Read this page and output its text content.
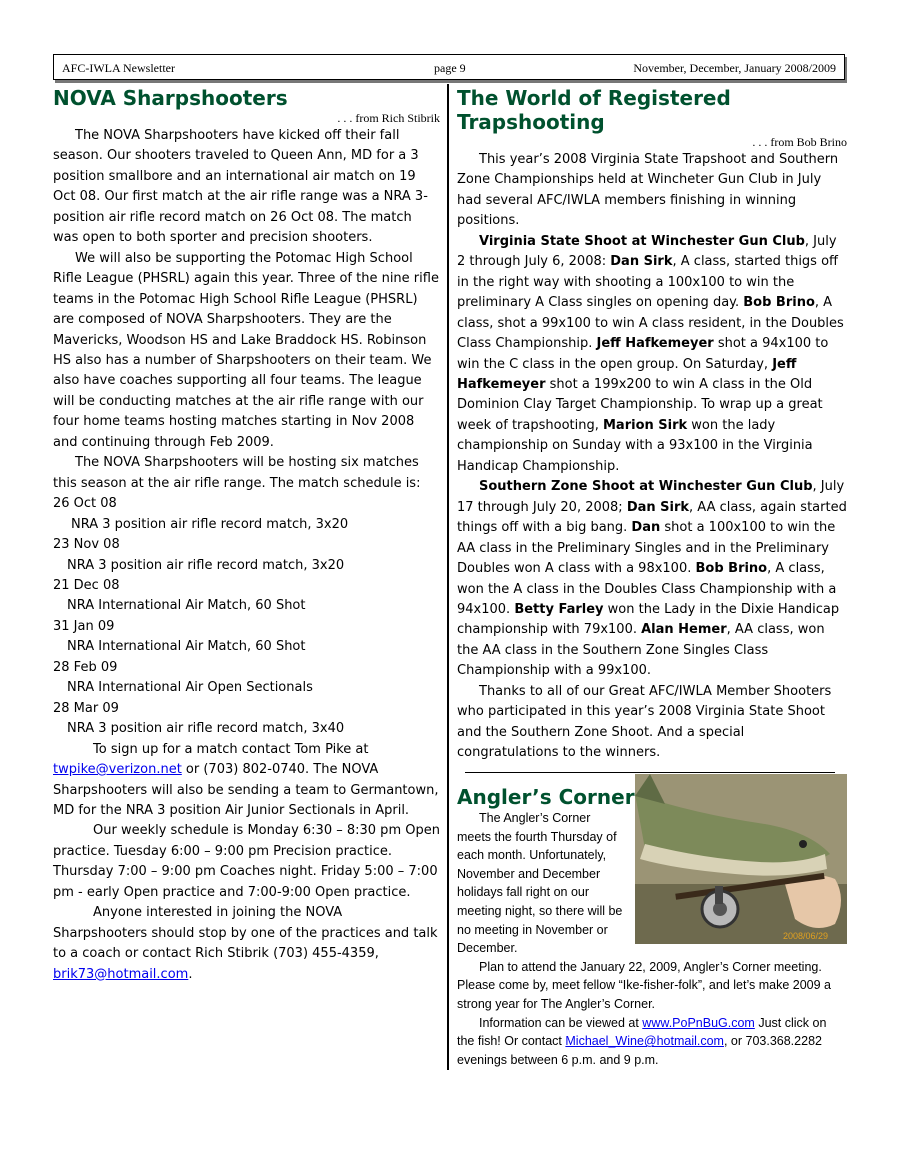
AFC-IWLA Newsletter	page 9	November, December, January 2008/2009
NOVA Sharpshooters

. . . from Rich Stibrik

The NOVA Sharpshooters have kicked off their fall season. Our shooters traveled to Queen Ann, MD for a 3 position smallbore and an international air match on 19 Oct 08. Our first match at the air rifle range was a NRA 3-position air rifle record match on 26 Oct 08. The match was open to both sporter and precision shooters.

We will also be supporting the Potomac High School Rifle League (PHSRL) again this year. Three of the nine rifle teams in the Potomac High School Rifle League (PHSRL) are composed of NOVA Sharpshooters. They are the Mavericks, Woodson HS and Lake Braddock HS. Robinson HS also has a number of Sharpshooters on their team. We also have coaches supporting all four teams. The league will be conducting matches at the air rifle range with our four home teams hosting matches starting in Nov 2008 and continuing through Feb 2009.

The NOVA Sharpshooters will be hosting six matches this season at the air rifle range. The match schedule is:

26 Oct 08

NRA 3 position air rifle record match, 3x20

23 Nov 08

NRA 3 position air rifle record match, 3x20

21 Dec 08

NRA International Air Match, 60 Shot

31 Jan 09

NRA International Air Match, 60 Shot

28 Feb 09

NRA International Air Open Sectionals

28 Mar 09

NRA 3 position air rifle record match, 3x40

To sign up for a match contact Tom Pike at twpike@verizon.net or (703) 802-0740. The NOVA Sharpshooters will also be sending a team to Germantown, MD for the NRA 3 position Air Junior Sectionals in April.

Our weekly schedule is Monday 6:30 – 8:30 pm Open practice. Tuesday 6:00 – 9:00 pm Precision practice. Thursday 7:00 – 9:00 pm Coaches night. Friday 5:00 – 7:00 pm - early Open practice and 7:00-9:00 Open practice.

Anyone interested in joining the NOVA Sharpshooters should stop by one of the practices and talk to a coach or contact Rich Stibrik (703) 455-4359, brik73@hotmail.com.

The World of Registered Trapshooting

. . . from Bob Brino

This year’s 2008 Virginia State Trapshoot and Southern Zone Championships held at Wincheter Gun Club in July had several AFC/IWLA members finishing in winning positions.

Virginia State Shoot at Winchester Gun Club, July 2 through July 6, 2008: Dan Sirk, A class, started thigs off in the right way with shooting a 100x100 to win the preliminary A Class singles on opening day. Bob Brino, A class, shot a 99x100 to win A class resident, in the Doubles Class Championship. Jeff Hafkemeyer shot a 94x100 to win the C class in the open group. On Saturday, Jeff Hafkemeyer shot a 199x200 to win A class in the Old Dominion Clay Target Championship. To wrap up a great week of trapshooting, Marion Sirk won the lady championship on Sunday with a 93x100 in the Virginia Handicap Championship.

Southern Zone Shoot at Winchester Gun Club, July 17 through July 20, 2008; Dan Sirk, AA class, again started things off with a big bang. Dan shot a 100x100 to win the AA class in the Preliminary Singles and in the Preliminary Doubles won A class with a 98x100. Bob Brino, A class, won the A class in the Doubles Class Championship with a 94x100. Betty Farley won the Lady in the Dixie Handicap championship with 79x100. Alan Hemer, AA class, won the AA class in the Southern Zone Singles Class Championship with a 99x100.

Thanks to all of our Great AFC/IWLA Member Shooters who participated in this year’s 2008 Virginia State Shoot and the Southern Zone Shoot. And a special congratulations to the winners.

Angler’s Corner
2008/06/29

The Angler’s Corner meets the fourth Thursday of each month. Unfortunately, November and December holidays fall right on our meeting night, so there will be no meeting in November or December.

Plan to attend the January 22, 2009, Angler’s Corner meeting. Please come by, meet fellow “Ike-fisher-folk”, and let’s make 2009 a strong year for The Angler’s Corner.

Information can be viewed at www.PoPnBuG.com Just click on the fish! Or contact Michael_Wine@hotmail.com, or 703.368.2282 evenings between 6 p.m. and 9 p.m.
